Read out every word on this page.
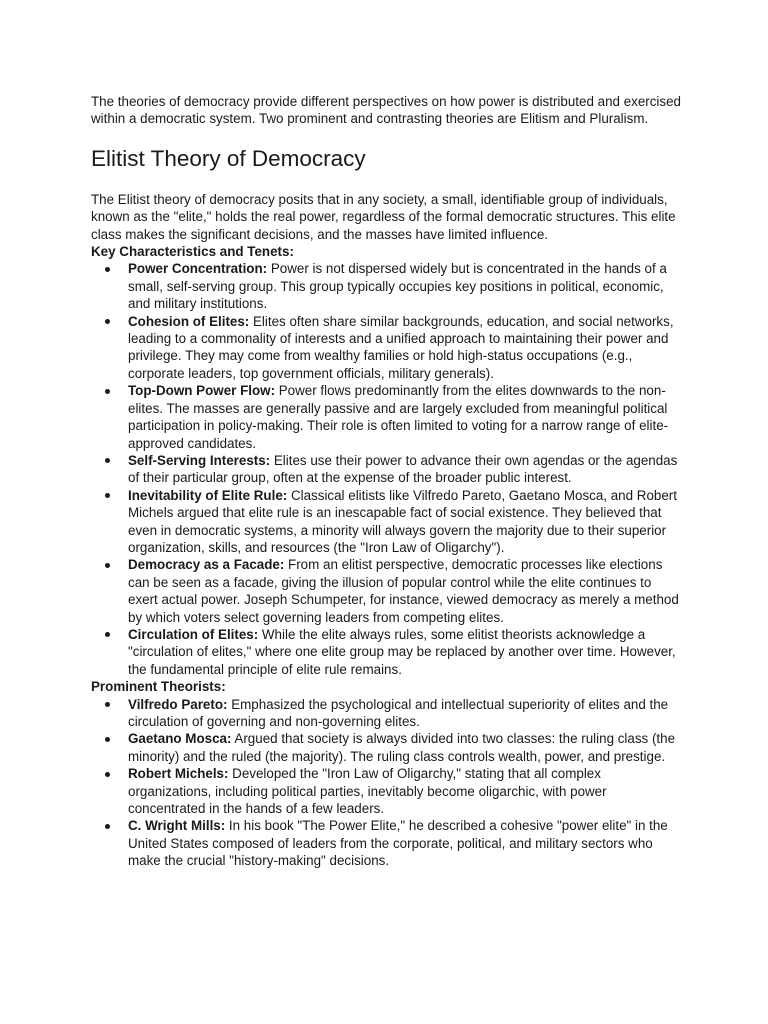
The theories of democracy provide different perspectives on how power is distributed and exercised within a democratic system. Two prominent and contrasting theories are Elitism and Pluralism.

Elitist Theory of Democracy

The Elitist theory of democracy posits that in any society, a small, identifiable group of individuals, known as the "elite," holds the real power, regardless of the formal democratic structures. This elite class makes the significant decisions, and the masses have limited influence.

Key Characteristics and Tenets:

Power Concentration: Power is not dispersed widely but is concentrated in the hands of a small, self-serving group. This group typically occupies key positions in political, economic, and military institutions.
Cohesion of Elites: Elites often share similar backgrounds, education, and social networks, leading to a commonality of interests and a unified approach to maintaining their power and privilege. They may come from wealthy families or hold high-status occupations (e.g., corporate leaders, top government officials, military generals).
Top-Down Power Flow: Power flows predominantly from the elites downwards to the non-elites. The masses are generally passive and are largely excluded from meaningful political participation in policy-making. Their role is often limited to voting for a narrow range of elite-approved candidates.
Self-Serving Interests: Elites use their power to advance their own agendas or the agendas of their particular group, often at the expense of the broader public interest.
Inevitability of Elite Rule: Classical elitists like Vilfredo Pareto, Gaetano Mosca, and Robert Michels argued that elite rule is an inescapable fact of social existence. They believed that even in democratic systems, a minority will always govern the majority due to their superior organization, skills, and resources (the "Iron Law of Oligarchy").
Democracy as a Facade: From an elitist perspective, democratic processes like elections can be seen as a facade, giving the illusion of popular control while the elite continues to exert actual power. Joseph Schumpeter, for instance, viewed democracy as merely a method by which voters select governing leaders from competing elites.
Circulation of Elites: While the elite always rules, some elitist theorists acknowledge a "circulation of elites," where one elite group may be replaced by another over time. However, the fundamental principle of elite rule remains.

Prominent Theorists:

Vilfredo Pareto: Emphasized the psychological and intellectual superiority of elites and the circulation of governing and non-governing elites.
Gaetano Mosca: Argued that society is always divided into two classes: the ruling class (the minority) and the ruled (the majority). The ruling class controls wealth, power, and prestige.
Robert Michels: Developed the "Iron Law of Oligarchy," stating that all complex organizations, including political parties, inevitably become oligarchic, with power concentrated in the hands of a few leaders.
C. Wright Mills: In his book "The Power Elite," he described a cohesive "power elite" in the United States composed of leaders from the corporate, political, and military sectors who make the crucial "history-making" decisions.
